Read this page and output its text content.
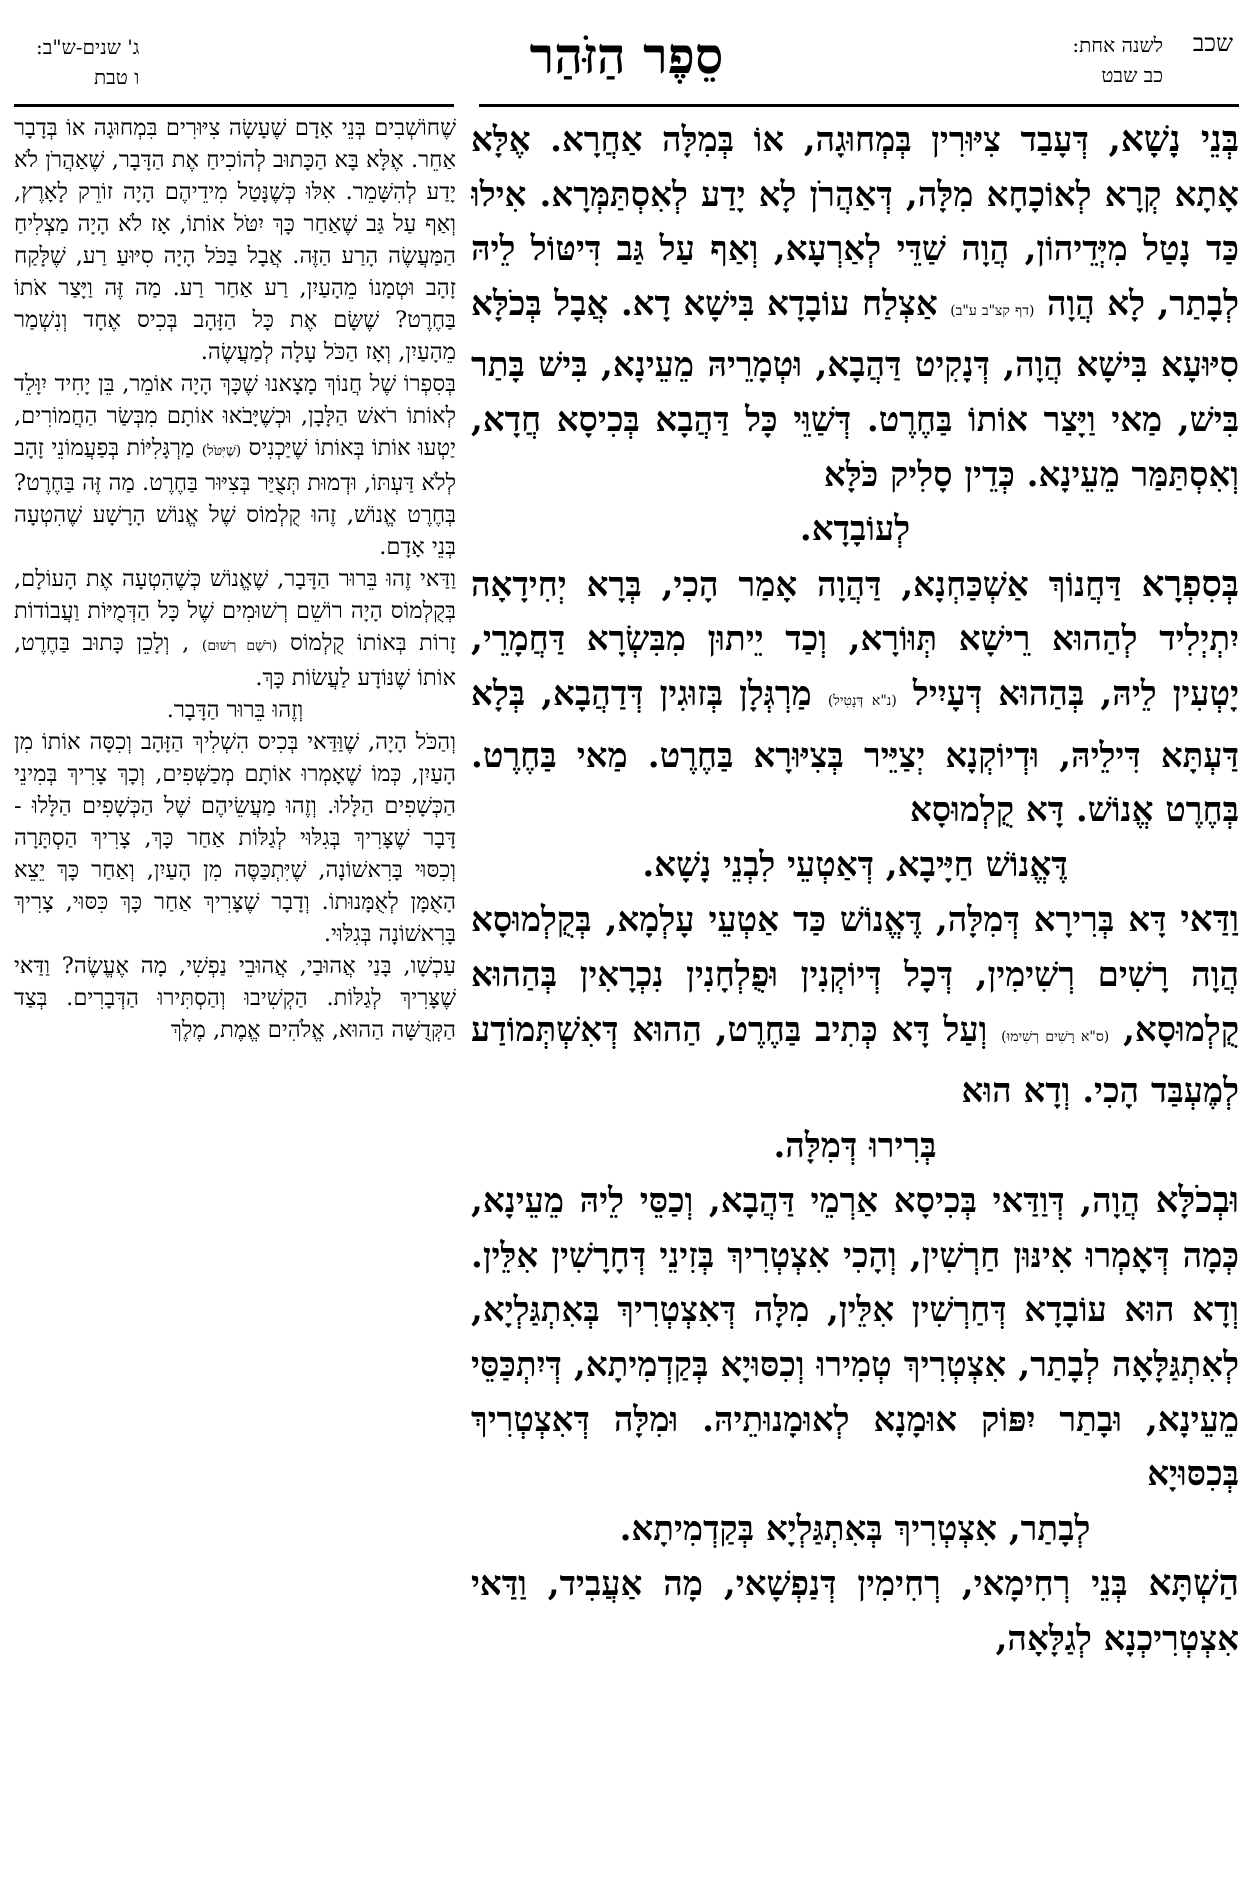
שכב
לשנה אחת:
כב שבט
סֵפֶר הַזֹּהַר
ג' שנים-ש"ב:
ו טבת

בְּנֵי נָשָׁא, דְּעָבַד צִיּוּרִין בְּמְחוּגָה, אוֹ בְּמִלָּה אַחֲרָא. אֶלָּא אָתָא קְרָא לְאוֹכָחָא מִלָּה, דְּאַהֲרֹן לָא יָדַע לְאִסְתַּמְּרָא. אִילוּ כַּד נָטַל מִיְּדֵיהוֹן, הֲוָה שַׁדֵּי לְאַרְעָא, וְאַף עַל גַּב דִּיטּוֹל לֵיהּ לְבָתַר, לָא הֲוָה (דף קצ"ב ע"ב) אַצְלַח עוֹבָדָא בִּישָׁא דָא. אֲבָל בְּכֹלָּא סִיּוּעָא בִּישָׁא הֲוָה, דְּנָקִיט דַּהֲבָא, וּטְמָרֵיהּ מֵעֵינָא, בִּישׁ בָּתַר בִּישׁ, מַאי וַיָּצַר אוֹתוֹ בַּחֶרֶט. דְּשַׁוֵּי כָּל דַּהֲבָא בְּכִיסָא חֲדָא, וְאִסְתַּמַּר מֵעֵינָא. כְּדֵין סָלִיק כֹּלָּא

לְעוֹבָדָא.

בְּסִפְרָא דַּחֲנוֹךְ אַשְׁכַּחְנָא, דַּהֲוָה אָמַר הָכִי, בְּרָא יְחִידָאָה יִתְיְלִיד לְהַהוּא רֵישָׁא תְּוּוֹרָא, וְכַד יֵיתוּן מִבִּשְׂרָא דַּחֲמָרֵי, יָטְעִין לֵיהּ, בְּהַהוּא דְּעָיִיל (נ"א דְּנָטִיל) מַרְגְּלָן בְּזוּגִין דְּדַהֲבָא, בְּלָא דַּעְתָּא דִּילֵיהּ, וּדְיוֹקְנָא יְצַיֵּיר בְּצִיּוּרָא בַּחֶרֶט. מַאי בַּחֶרֶט. בְּחֶרֶט אֱנוֹשׁ. דָּא קֻלְמוּסָא

דֶּאֱנוֹשׁ חַיָּיבָא, דְּאַטְעֵי לִבְנֵי נָשָׁא.

וַדַּאי דָּא בְּרִירָא דְּמִלָּה, דֶּאֱנוֹשׁ כַּד אַטְעֵי עָלְמָא, בְּקֻלְמוּסָא הֲוָה רָשִׁים רְשִׁימִין, דְּכָל דְּיוֹקְנִין וּפֻלְחָנִין נִכְרָאִין בְּהַהוּא קֻלְמוּסָא, (ס"א רָשִׁים רְשִׁימוּ) וְעַל דָּא כְּתִיב בַּחֶרֶט, הַהוּא דְּאִשְׁתְּמוֹדַע לְמֶעְבַּד הָכִי. וְדָא הוּא

בְּרִירוּ דְּמִלָּה.

וּבְכֹלָּא הֲוָה, דְּוַדַּאי בְּכִיסָא אַרְמֵי דַּהֲבָא, וְכַסֵּי לֵיהּ מֵעֵינָא, כְּמָה דְּאָמְרוּ אִינּוּן חַרְשִׁין, וְהָכִי אִצְטְרִיךְ בְּזִינֵי דְּחָרָשִׁין אִלֵּין. וְדָא הוּא עוֹבָדָא דְּחַרְשִׁין אִלֵּין, מִלָּה דְּאִצְטְרִיךְ בְּאִתְגַּלְיָא, לְאִתְגַּלָּאָה לְבָתַר, אִצְטְרִיךְ טְמִירוּ וְכִסּוּיָא בְּקַדְמִיתָא, דְּיִתְכַּסֵּי מֵעֵינָא, וּבָתַר יִפּוֹק אוּמָנָא לְאוּמָנוּתֵיהּ. וּמִלָּה דְּאִצְטְרִיךְ בְּכִסּוּיָא

לְבָתַר, אִצְטְרִיךְ בְּאִתְגַּלְיָא בְּקַדְמִיתָא.

הַשְׁתָּא בְּנֵי רְחִימָאי, רְחִימִין דְּנַפְשָׁאי, מָה אַעֲבִיד, וַדַּאי אִצְטְרִיכְנָא לְגַלָּאָה,

שֶׁחוֹשְׁבִים בְּנֵי אָדָם שֶׁעָשָׂה צִיּוּרִים בִּמְחוּגָה אוֹ בְּדָבָר אַחֵר. אֶלָּא בָּא הַכָּתוּב לְהוֹכִיחַ אֶת הַדָּבָר, שֶׁאַהֲרֹן לֹא יָדַע לְהִשָּׁמֵר. אִלּוּ כְּשֶׁנָּטַל מִידֵיהֶם הָיָה זוֹרֵק לָאָרֶץ, וְאַף עַל גַּב שֶׁאַחַר כָּךְ יִטֹּל אוֹתוֹ, אָז לֹא הָיָה מַצְלִיחַ הַמַּעֲשֶׂה הָרַע הַזֶּה. אֲבָל בַּכֹּל הָיָה סִיּוּעַ רַע, שֶׁלָּקַח זָהָב וּטְמָנוֹ מֵהָעַיִן, רַע אַחַר רַע. מַה זֶּה וַיָּצַר אֹתוֹ בַּחֶרֶט? שֶׁשָּׂם אֶת כָּל הַזָּהָב בְּכִיס אֶחָד וְנִשְׁמַר מֵהָעַיִן, וְאָז הַכֹּל עָלָה לְמַעֲשֶׂה.

בְּסִפְרוֹ שֶׁל חֲנוֹךְ מָצָאנוּ שֶׁכָּךְ הָיָה אוֹמֵר, בֵּן יָחִיד יִוָּלֵד לְאוֹתוֹ רֹאשׁ הַלָּבָן, וּכְשֶׁיָּבֹאוּ אוֹתָם מִבְּשַׂר הַחֲמוֹרִים, יַטְעוּ אוֹתוֹ בְּאוֹתוֹ שֶׁיַּכְנִיס (שֶׁיִּטֹּל) מַרְגָּלִיּוֹת בְּפַעֲמוֹנֵי זָהָב לְלֹא דַּעְתּוֹ, וּדְמוּת תְּצֻיַּר בְּצִיּוּר בַּחֶרֶט. מַה זֶּה בַּחֶרֶט? בְּחֶרֶט אֱנוֹשׁ, זֶהוּ קֻלְמוֹס שֶׁל אֱנוֹשׁ הָרָשָׁע שֶׁהִטְעָה בְּנֵי אָדָם.

וַדַּאי זֶהוּ בֵּרוּר הַדָּבָר, שֶׁאֱנוֹשׁ כְּשֶׁהִטְעָה אֶת הָעוֹלָם, בְּקֻלְמוֹס הָיָה רוֹשֵׁם רְשׁוּמִים שֶׁל כָּל הַדְּמֻיּוֹת וַעֲבוֹדוֹת זָרוֹת בְּאוֹתוֹ קֻלְמוֹס (רֹשֶׁם רְשׁוּם) , וְלָכֵן כָּתוּב בַּחֶרֶט, אוֹתוֹ שֶׁנּוֹדָע לַעֲשׂוֹת כָּךְ.

וְזֶהוּ בֵּרוּר הַדָּבָר.

וְהַכֹּל הָיָה, שֶׁוַּדַּאי בְּכִיס הִשְׁלִיךְ הַזָּהָב וְכִסָּה אוֹתוֹ מִן הָעַיִן, כְּמוֹ שֶׁאָמְרוּ אוֹתָם מְכַשְּׁפִים, וְכָךְ צָרִיךְ בְּמִינֵי הַכְּשָׁפִים הַלָּלוּ. וְזֶהוּ מַעֲשֵׂיהֶם שֶׁל הַכְּשָׁפִים הַלָּלוּ - דָּבָר שֶׁצָּרִיךְ בְּגִלּוּי לְגַלּוֹת אַחַר כָּךְ, צָרִיךְ הַסְתָּרָה וְכִסּוּי בָּרִאשׁוֹנָה, שֶׁיִּתְכַּסֶּה מִן הָעַיִן, וְאַחַר כָּךְ יֵצֵא הָאֻמָּן לְאֻמָּנוּתוֹ. וְדָבָר שֶׁצָּרִיךְ אַחַר כָּךְ כִּסּוּי, צָרִיךְ בָּרִאשׁוֹנָה בְּגִלּוּי.

עַכְשָׁו, בָּנַי אֲהוּבַי, אֲהוּבֵי נַפְשִׁי, מָה אֶעֱשֶׂה? וַדַּאי שֶׁצָּרִיךְ לְגַלּוֹת. הַקְשִׁיבוּ וְהַסְתִּירוּ הַדְּבָרִים. בְּצַד הַקְּדֻשָּׁה הַהוּא, אֱלֹהִים אֱמֶת, מֶלֶךְ
